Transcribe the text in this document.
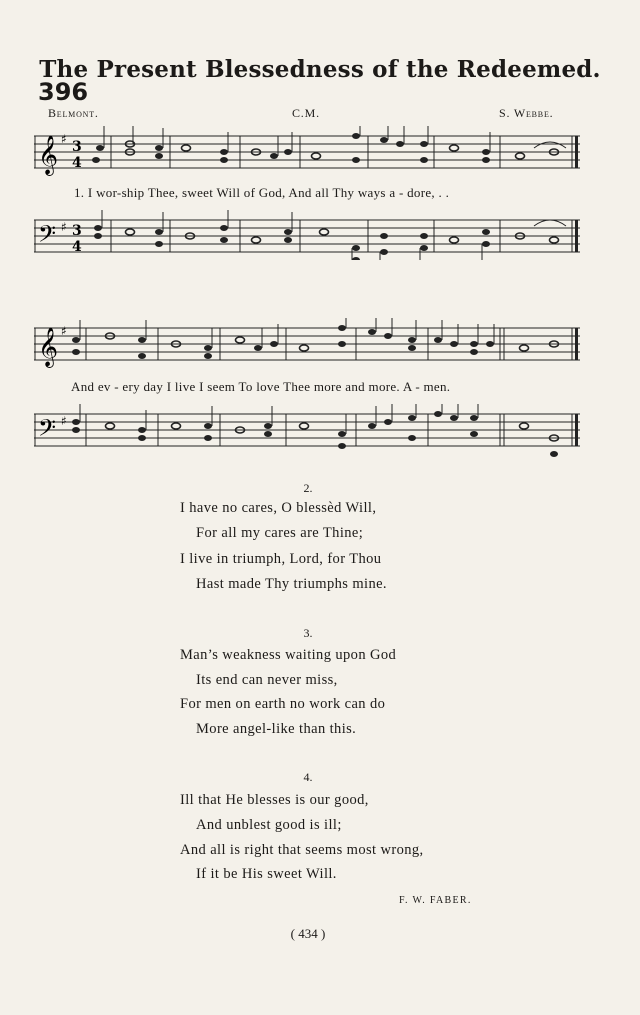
The Present Blessedness of the Redeemed.
396
Belmont.	C.M.	S. Webbe.
𝄞 ♯ 3
4
1. I wor-ship Thee, sweet Will of God, And all Thy ways a - dore, . .
𝄢 ♯ 3
4
𝄞 ♯
And ev - ery day I live I seem To love Thee more and more. A - men.
𝄢 ♯
2.
I have no cares, O blessèd Will,
For all my cares are Thine;
I live in triumph, Lord, for Thou
Hast made Thy triumphs mine.
3.
Man’s weakness waiting upon God
Its end can never miss,
For men on earth no work can do
More angel-like than this.
4.
Ill that He blesses is our good,
And unblest good is ill;
And all is right that seems most wrong,
If it be His sweet Will.
F. W. FABER.
( 434 )
